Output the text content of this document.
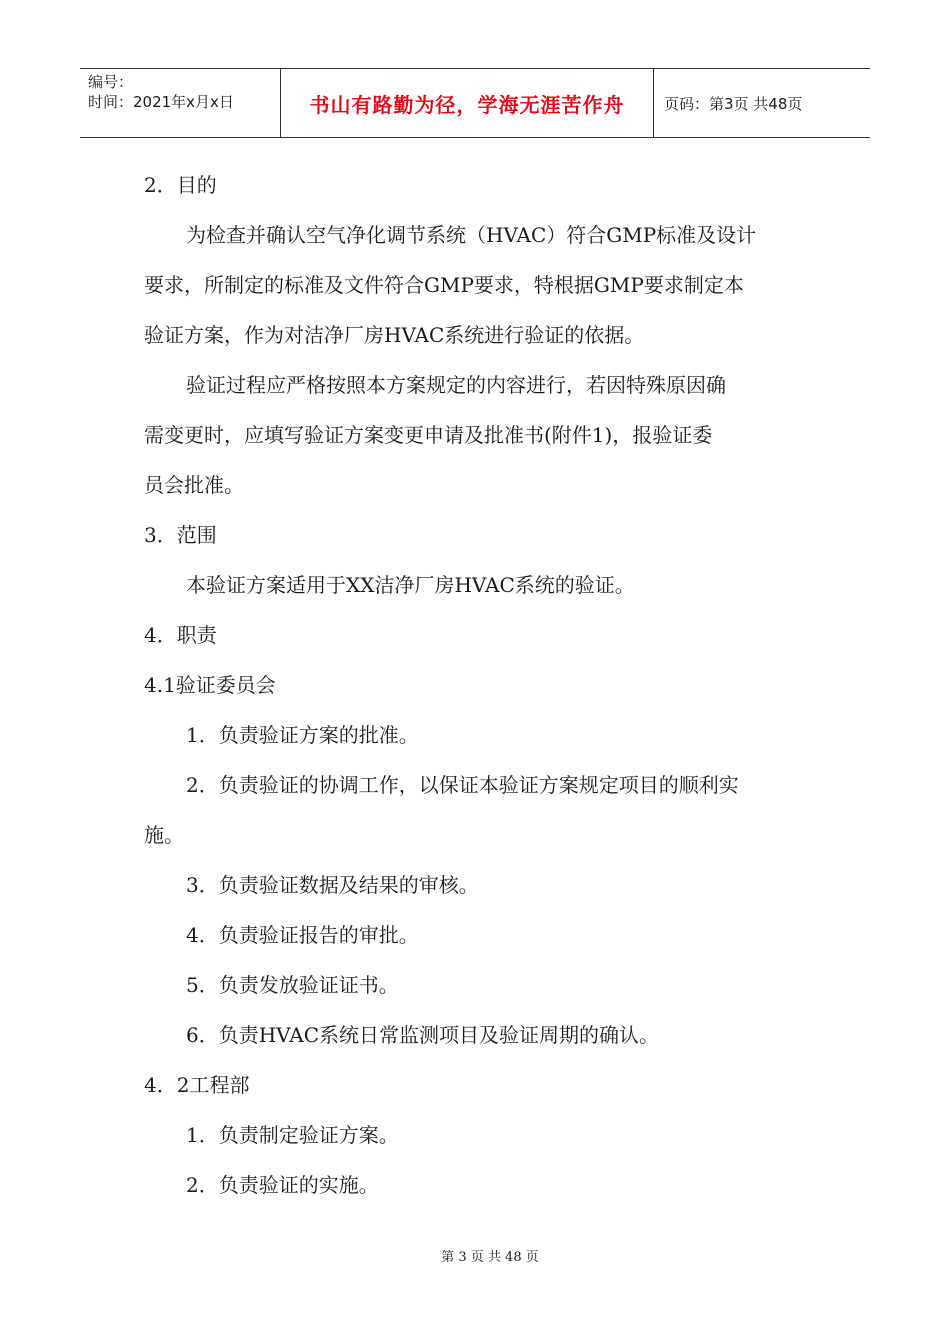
编号：
时间：2021年x月x日	书山有路勤为径，学海无涯苦作舟	页码：第3页 共48页

2．目的

为检查并确认空气净化调节系统（HVAC）符合GMP标准及设计

要求，所制定的标准及文件符合GMP要求，特根据GMP要求制定本

验证方案，作为对洁净厂房HVAC系统进行验证的依据。

验证过程应严格按照本方案规定的内容进行，若因特殊原因确

需变更时，应填写验证方案变更申请及批准书(附件1)，报验证委

员会批准。

3．范围

本验证方案适用于XX洁净厂房HVAC系统的验证。

4．职责

4.1验证委员会

1．负责验证方案的批准。

2．负责验证的协调工作，以保证本验证方案规定项目的顺利实

施。

3．负责验证数据及结果的审核。

4．负责验证报告的审批。

5．负责发放验证证书。

6．负责HVAC系统日常监测项目及验证周期的确认。

4．2工程部

1．负责制定验证方案。

2．负责验证的实施。

第 3 页 共 48 页
